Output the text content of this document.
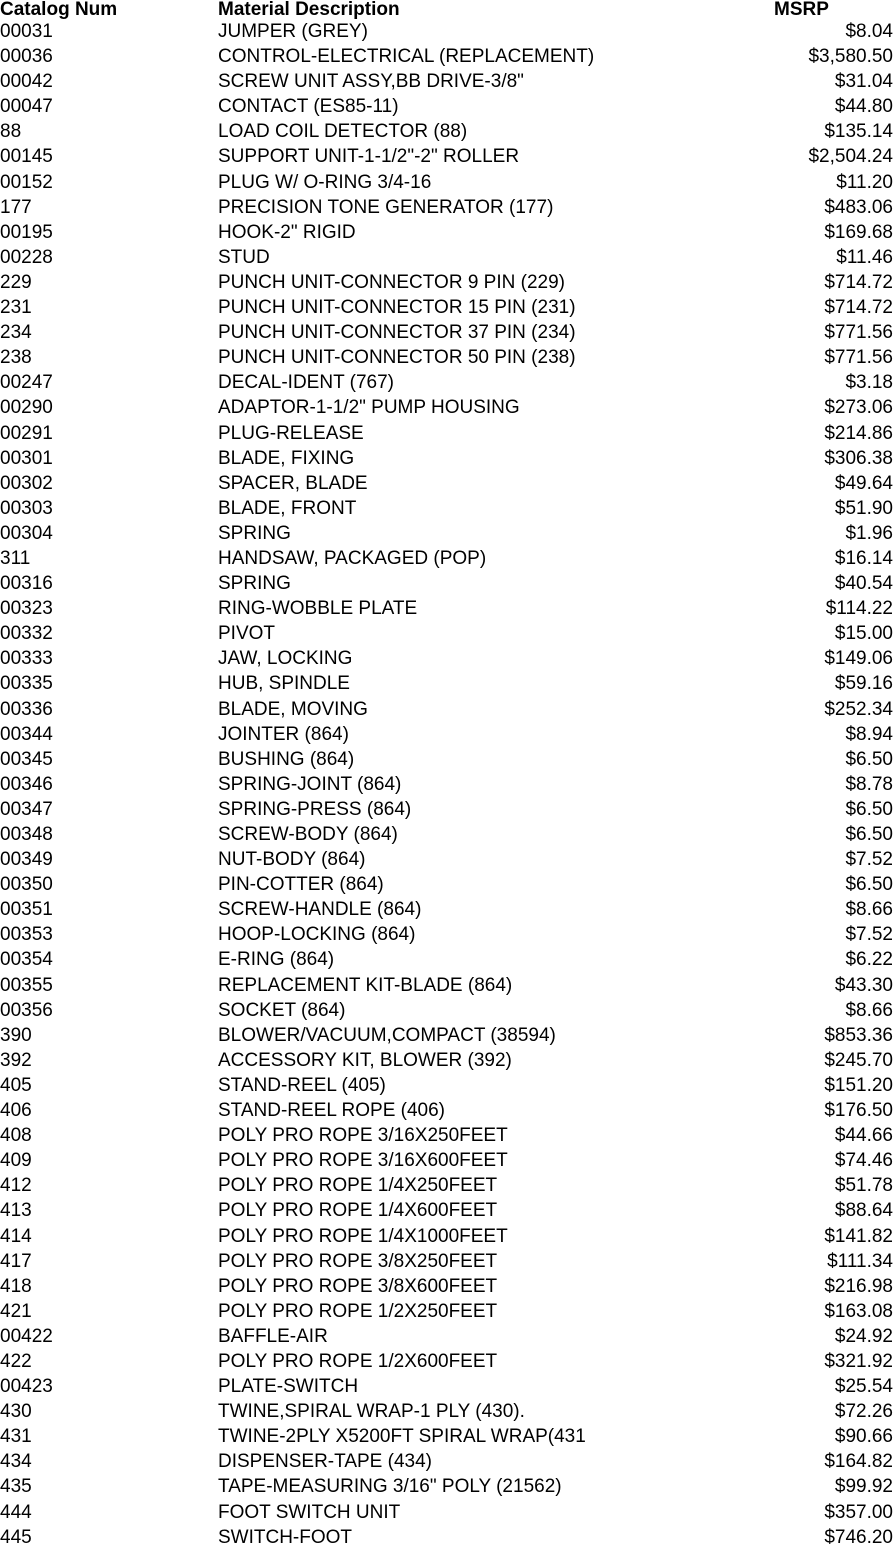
Catalog Num	Material Description	MSRP
00031	JUMPER (GREY)	$8.04
00036	CONTROL-ELECTRICAL (REPLACEMENT)	$3,580.50
00042	SCREW UNIT ASSY,BB DRIVE-3/8"	$31.04
00047	CONTACT (ES85-11)	$44.80
88	LOAD COIL DETECTOR (88)	$135.14
00145	SUPPORT UNIT-1-1/2"-2" ROLLER	$2,504.24
00152	PLUG W/ O-RING 3/4-16	$11.20
177	PRECISION TONE GENERATOR (177)	$483.06
00195	HOOK-2" RIGID	$169.68
00228	STUD	$11.46
229	PUNCH UNIT-CONNECTOR 9 PIN (229)	$714.72
231	PUNCH UNIT-CONNECTOR 15 PIN (231)	$714.72
234	PUNCH UNIT-CONNECTOR 37 PIN (234)	$771.56
238	PUNCH UNIT-CONNECTOR 50 PIN (238)	$771.56
00247	DECAL-IDENT (767)	$3.18
00290	ADAPTOR-1-1/2" PUMP HOUSING	$273.06
00291	PLUG-RELEASE	$214.86
00301	BLADE, FIXING	$306.38
00302	SPACER, BLADE	$49.64
00303	BLADE, FRONT	$51.90
00304	SPRING	$1.96
311	HANDSAW, PACKAGED (POP)	$16.14
00316	SPRING	$40.54
00323	RING-WOBBLE PLATE	$114.22
00332	PIVOT	$15.00
00333	JAW, LOCKING	$149.06
00335	HUB, SPINDLE	$59.16
00336	BLADE, MOVING	$252.34
00344	JOINTER (864)	$8.94
00345	BUSHING (864)	$6.50
00346	SPRING-JOINT (864)	$8.78
00347	SPRING-PRESS (864)	$6.50
00348	SCREW-BODY (864)	$6.50
00349	NUT-BODY (864)	$7.52
00350	PIN-COTTER (864)	$6.50
00351	SCREW-HANDLE (864)	$8.66
00353	HOOP-LOCKING (864)	$7.52
00354	E-RING (864)	$6.22
00355	REPLACEMENT KIT-BLADE (864)	$43.30
00356	SOCKET (864)	$8.66
390	BLOWER/VACUUM,COMPACT (38594)	$853.36
392	ACCESSORY KIT, BLOWER (392)	$245.70
405	STAND-REEL (405)	$151.20
406	STAND-REEL ROPE (406)	$176.50
408	POLY PRO ROPE 3/16X250FEET	$44.66
409	POLY PRO ROPE 3/16X600FEET	$74.46
412	POLY PRO ROPE 1/4X250FEET	$51.78
413	POLY PRO ROPE 1/4X600FEET	$88.64
414	POLY PRO ROPE 1/4X1000FEET	$141.82
417	POLY PRO ROPE 3/8X250FEET	$111.34
418	POLY PRO ROPE 3/8X600FEET	$216.98
421	POLY PRO ROPE 1/2X250FEET	$163.08
00422	BAFFLE-AIR	$24.92
422	POLY PRO ROPE 1/2X600FEET	$321.92
00423	PLATE-SWITCH	$25.54
430	TWINE,SPIRAL WRAP-1 PLY (430).	$72.26
431	TWINE-2PLY X5200FT SPIRAL WRAP(431	$90.66
434	DISPENSER-TAPE (434)	$164.82
435	TAPE-MEASURING 3/16" POLY (21562)	$99.92
444	FOOT SWITCH UNIT	$357.00
445	SWITCH-FOOT	$746.20
